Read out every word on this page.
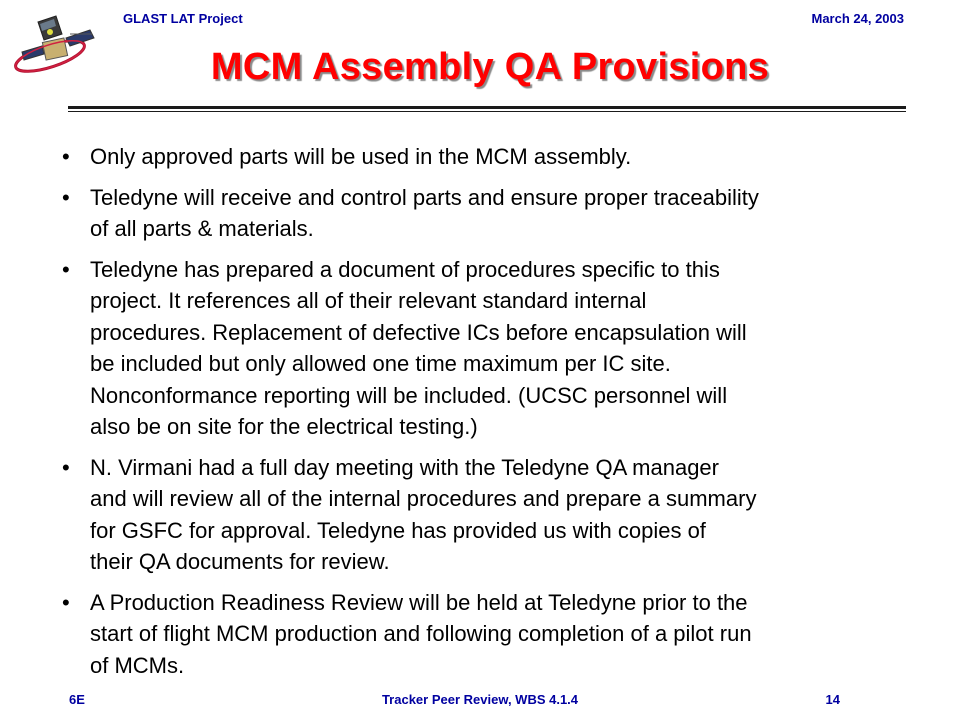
GLAST LAT Project	March 24, 2003
MCM Assembly QA Provisions
• Only approved parts will be used in the MCM assembly.
• Teledyne will receive and control parts and ensure proper traceability
of all parts & materials.
• Teledyne has prepared a document of procedures specific to this
project. It references all of their relevant standard internal
procedures. Replacement of defective ICs before encapsulation will
be included but only allowed one time maximum per IC site.
Nonconformance reporting will be included. (UCSC personnel will
also be on site for the electrical testing.)
• N. Virmani had a full day meeting with the Teledyne QA manager
and will review all of the internal procedures and prepare a summary
for GSFC for approval. Teledyne has provided us with copies of
their QA documents for review.
• A Production Readiness Review will be held at Teledyne prior to the
start of flight MCM production and following completion of a pilot run
of MCMs.
6E	Tracker Peer Review, WBS 4.1.4	14
